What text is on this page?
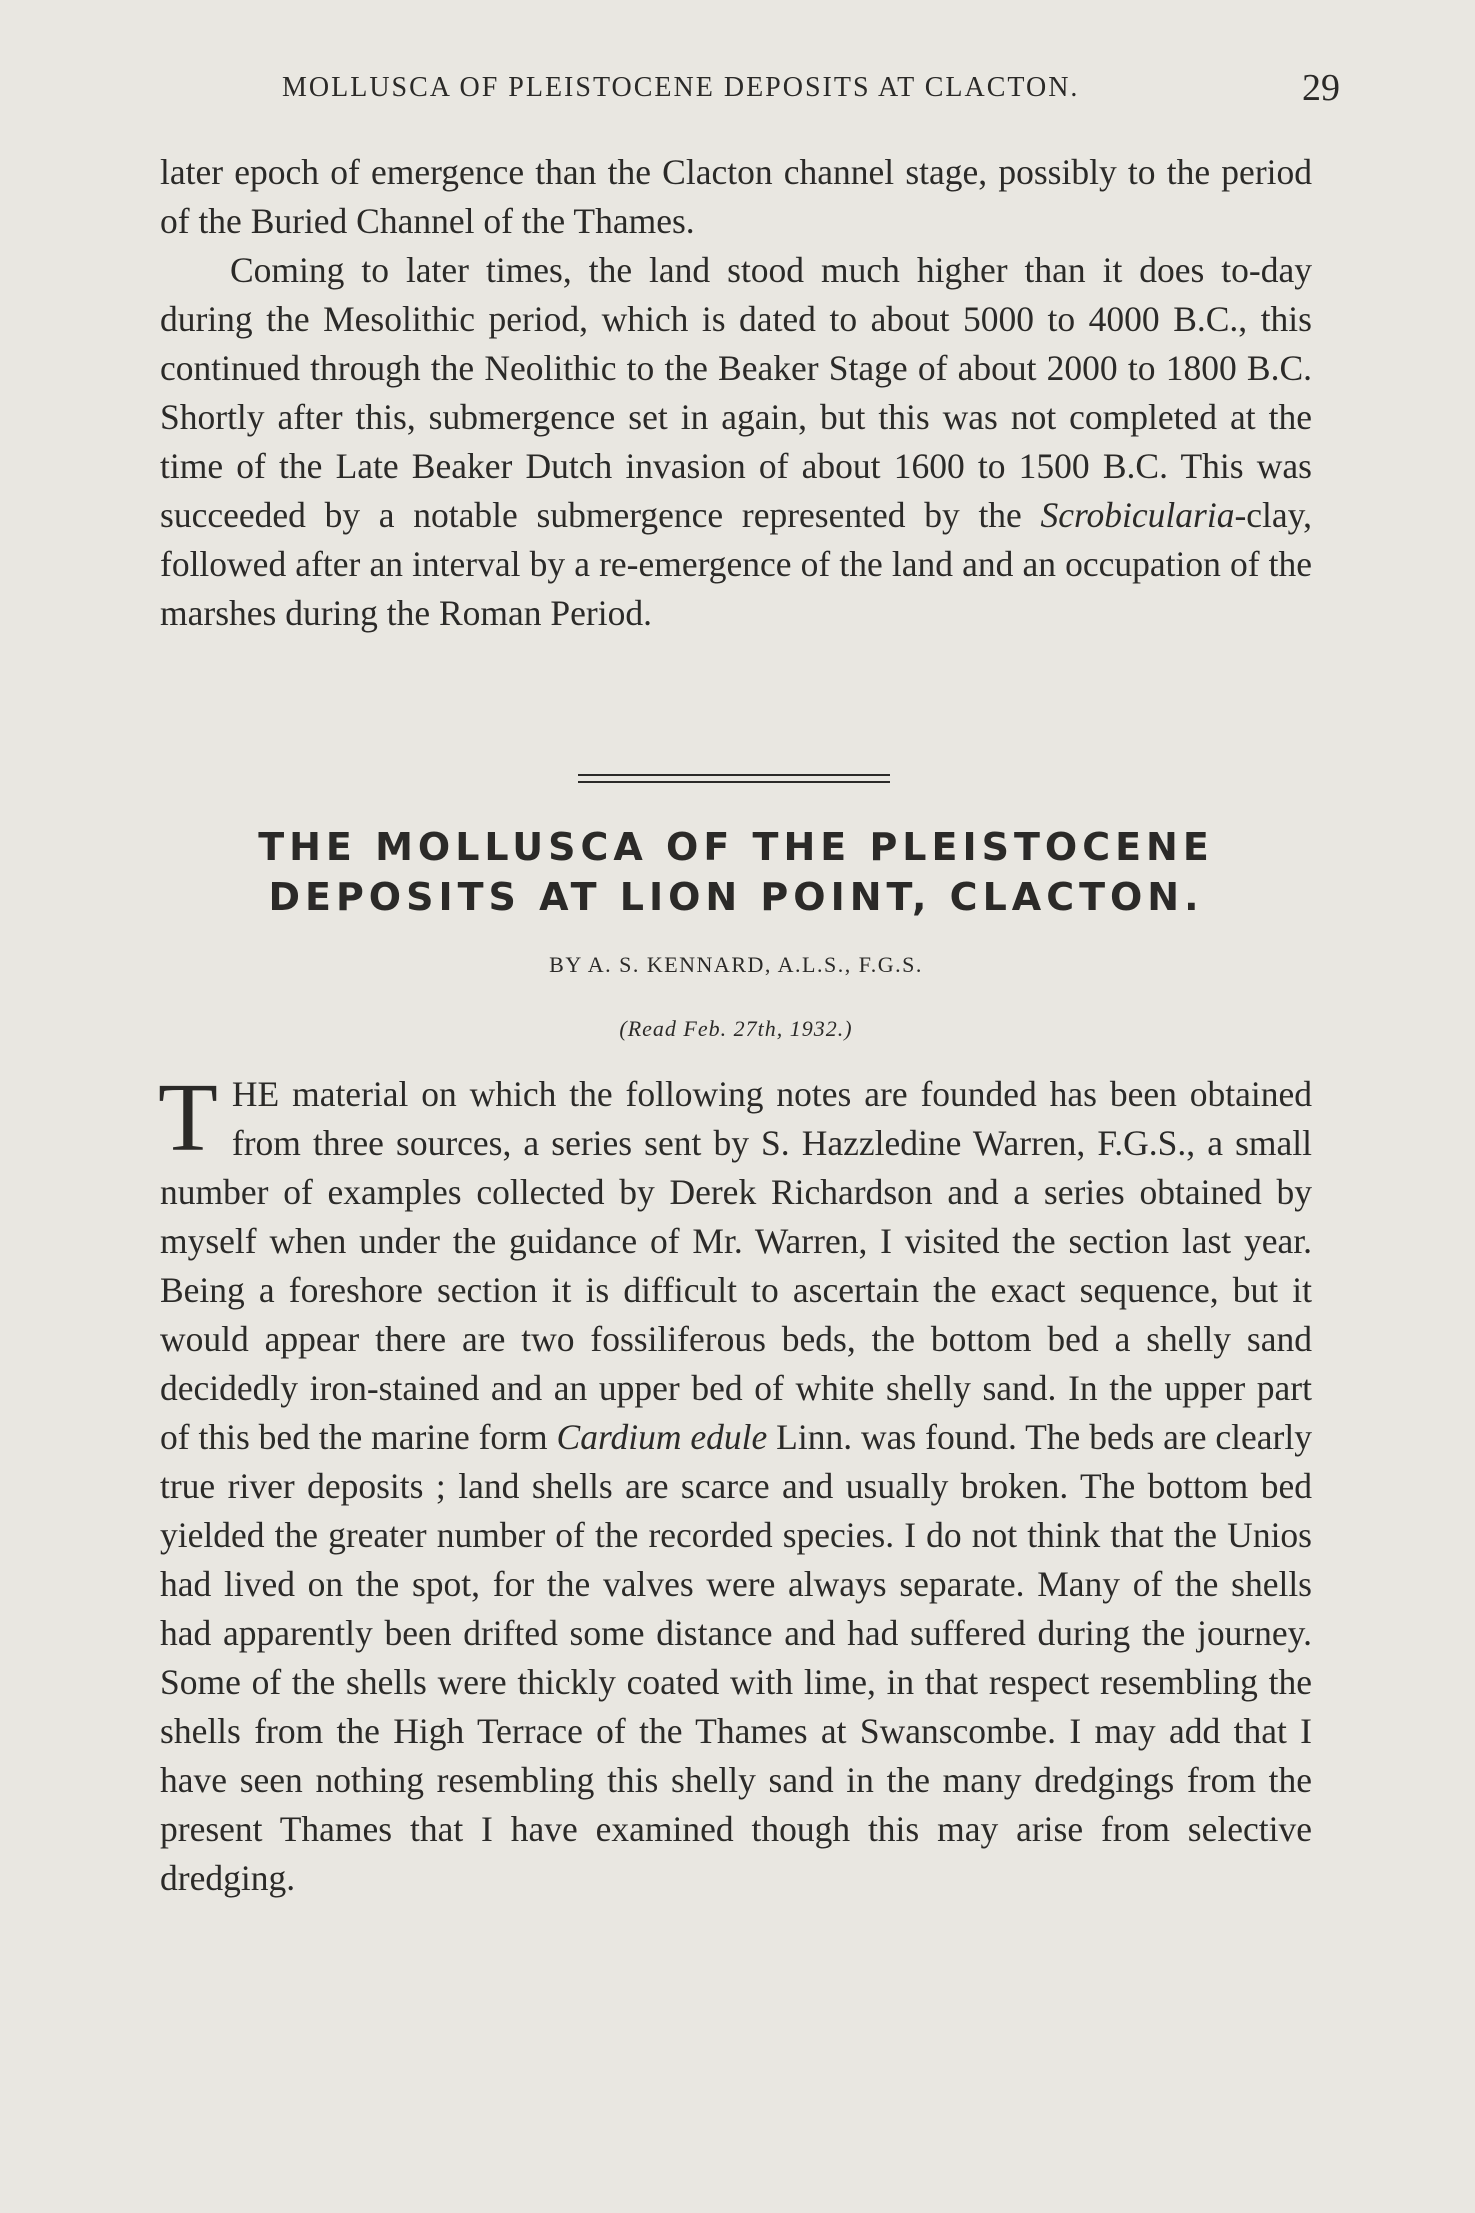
MOLLUSCA OF PLEISTOCENE DEPOSITS AT CLACTON.	29

later epoch of emergence than the Clacton channel stage, possibly to the period of the Buried Channel of the Thames.

Coming to later times, the land stood much higher than it does to-day during the Mesolithic period, which is dated to about 5000 to 4000 B.C., this continued through the Neolithic to the Beaker Stage of about 2000 to 1800 B.C. Shortly after this, submergence set in again, but this was not completed at the time of the Late Beaker Dutch invasion of about 1600 to 1500 B.C. This was succeeded by a notable submergence represented by the Scrobicularia-clay, followed after an interval by a re-emergence of the land and an occupation of the marshes during the Roman Period.

THE MOLLUSCA OF THE PLEISTOCENE
DEPOSITS AT LION POINT, CLACTON.
BY A. S. KENNARD, A.L.S., F.G.S.
(Read Feb. 27th, 1932.)

THE material on which the following notes are founded has been obtained from three sources, a series sent by S. Hazzledine Warren, F.G.S., a small number of examples collected by Derek Richardson and a series obtained by myself when under the guidance of Mr. Warren, I visited the section last year. Being a foreshore section it is difficult to ascertain the exact sequence, but it would appear there are two fossiliferous beds, the bottom bed a shelly sand decidedly iron-stained and an upper bed of white shelly sand. In the upper part of this bed the marine form Cardium edule Linn. was found. The beds are clearly true river deposits ; land shells are scarce and usually broken. The bottom bed yielded the greater number of the recorded species. I do not think that the Unios had lived on the spot, for the valves were always separate. Many of the shells had apparently been drifted some distance and had suffered during the journey. Some of the shells were thickly coated with lime, in that respect resembling the shells from the High Terrace of the Thames at Swanscombe. I may add that I have seen nothing resembling this shelly sand in the many dredgings from the present Thames that I have examined though this may arise from selective dredging.
